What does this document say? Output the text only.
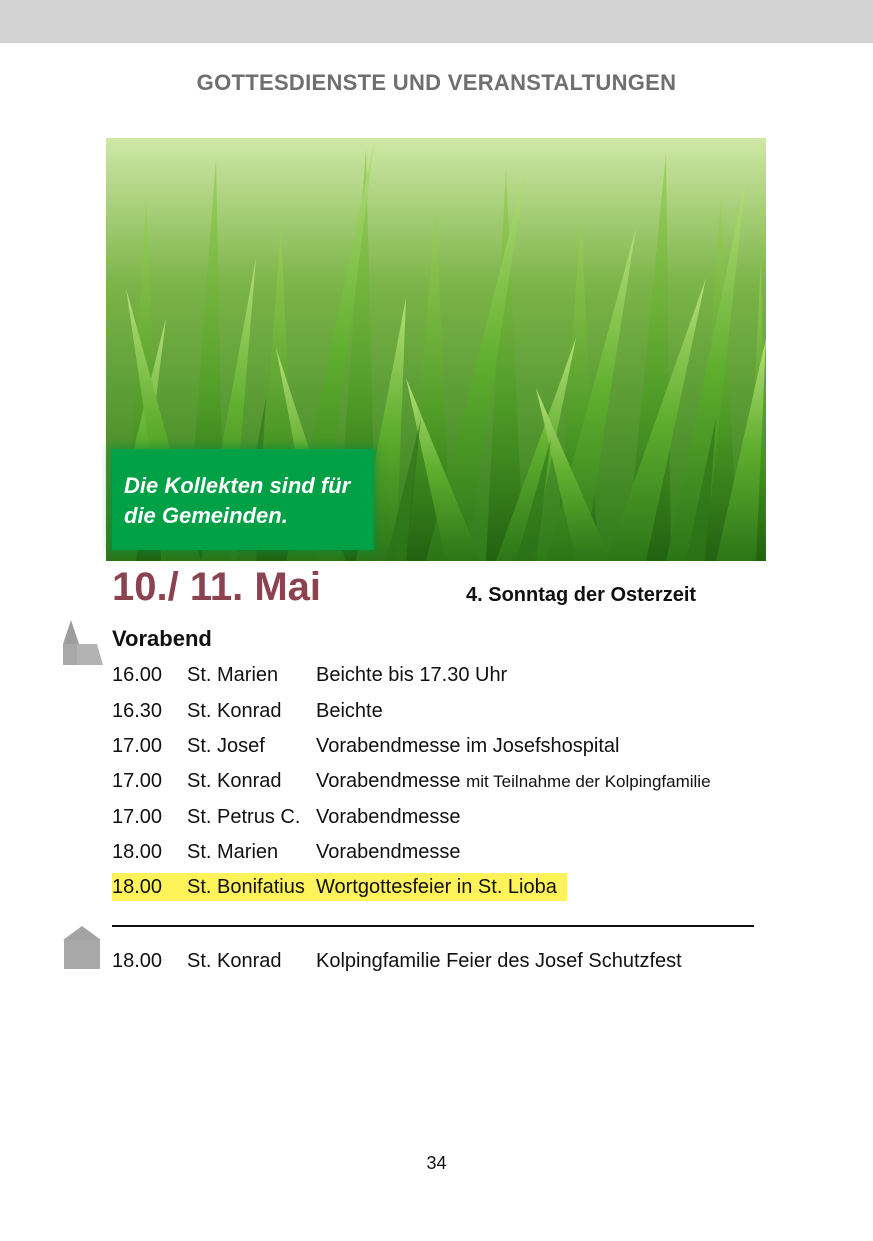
GOTTESDIENSTE UND VERANSTALTUNGEN
Die Kollekten sind für
die Gemeinden.
10./ 11. Mai	4. Sonntag der Osterzeit
Vorabend
16.00 St. Marien Beichte bis 17.30 Uhr
16.30 St. Konrad Beichte
17.00 St. Josef	Vorabendmesse im Josefshospital
17.00 St. Konrad Vorabendmesse mit Teilnahme der Kolpingfamilie
17.00 St. Petrus C. Vorabendmesse
18.00 St. Marien Vorabendmesse
18.00 St. Bonifatius Wortgottesfeier in St. Lioba
18.00 St. Konrad Kolpingfamilie Feier des Josef Schutzfest
34
